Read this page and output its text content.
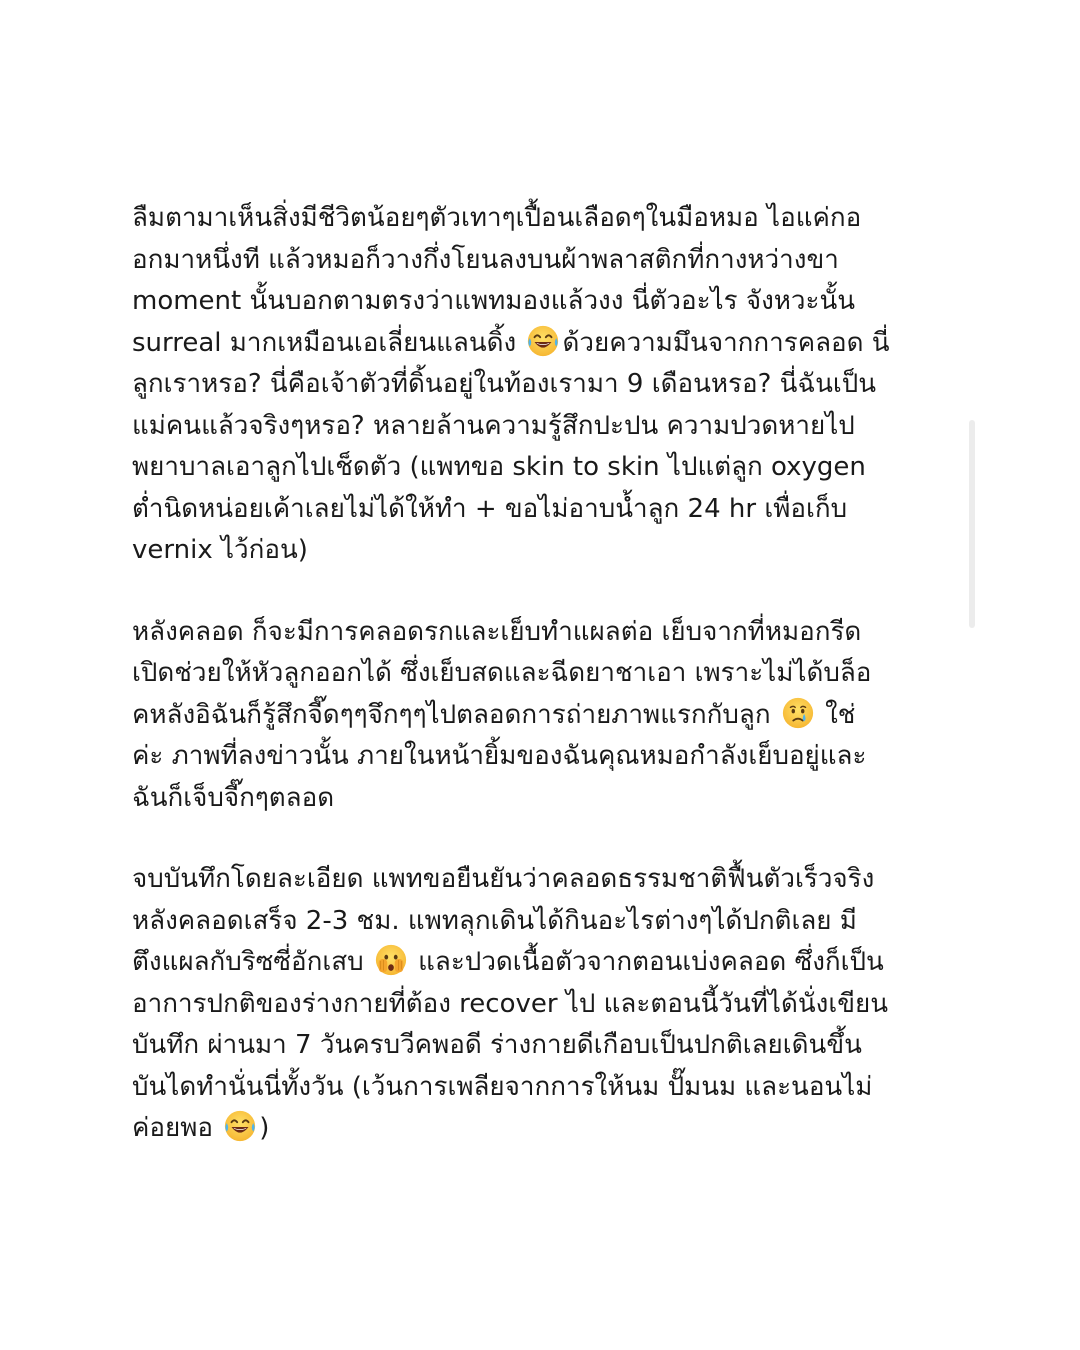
ลืมตามาเห็นสิ่งมีชีวิตน้อยๆตัวเทาๆเปื้อนเลือดๆในมือหมอ ไอแค่กอ
อกมาหนึ่งที แล้วหมอก็วางกึ่งโยนลงบนผ้าพลาสติกที่กางหว่างขา
moment นั้นบอกตามตรงว่าแพทมองแล้วงง นี่ตัวอะไร จังหวะนั้น
surreal มากเหมือนเอเลี่ยนแลนดิ้ง ด้วยความมึนจากการคลอด นี่
ลูกเราหรอ? นี่คือเจ้าตัวที่ดิ้นอยู่ในท้องเรามา 9 เดือนหรอ? นี่ฉันเป็น
แม่คนแล้วจริงๆหรอ? หลายล้านความรู้สึกปะปน ความปวดหายไป
พยาบาลเอาลูกไปเช็ดตัว (แพทขอ skin to skin ไปแต่ลูก oxygen
ต่ำนิดหน่อยเค้าเลยไม่ได้ให้ทำ + ขอไม่อาบน้ำลูก 24 hr เพื่อเก็บ
vernix ไว้ก่อน)
หลังคลอด ก็จะมีการคลอดรกและเย็บทำแผลต่อ เย็บจากที่หมอกรีด
เปิดช่วยให้หัวลูกออกได้ ซึ่งเย็บสดและฉีดยาชาเอา เพราะไม่ได้บล็อ
คหลังอิฉันก็รู้สึกจี๊ดๆๆจึกๆๆไปตลอดการถ่ายภาพแรกกับลูก  ใช่
ค่ะ ภาพที่ลงข่าวนั้น ภายในหน้ายิ้มของฉันคุณหมอกำลังเย็บอยู่และ
ฉันก็เจ็บจี๊กๆตลอด
จบบันทึกโดยละเอียด แพทขอยืนยันว่าคลอดธรรมชาติฟื้นตัวเร็วจริง
หลังคลอดเสร็จ 2-3 ชม. แพทลุกเดินได้กินอะไรต่างๆได้ปกติเลย มี
ตึงแผลกับริซซี่อักเสบ  และปวดเนื้อตัวจากตอนเบ่งคลอด ซึ่งก็เป็น
อาการปกติของร่างกายที่ต้อง recover ไป และตอนนี้วันที่ได้นั่งเขียน
บันทึก ผ่านมา 7 วันครบวีคพอดี ร่างกายดีเกือบเป็นปกติเลยเดินขึ้น
บันไดทำนั่นนี่ทั้งวัน (เว้นการเพลียจากการให้นม ปั๊มนม และนอนไม่
ค่อยพอ )
